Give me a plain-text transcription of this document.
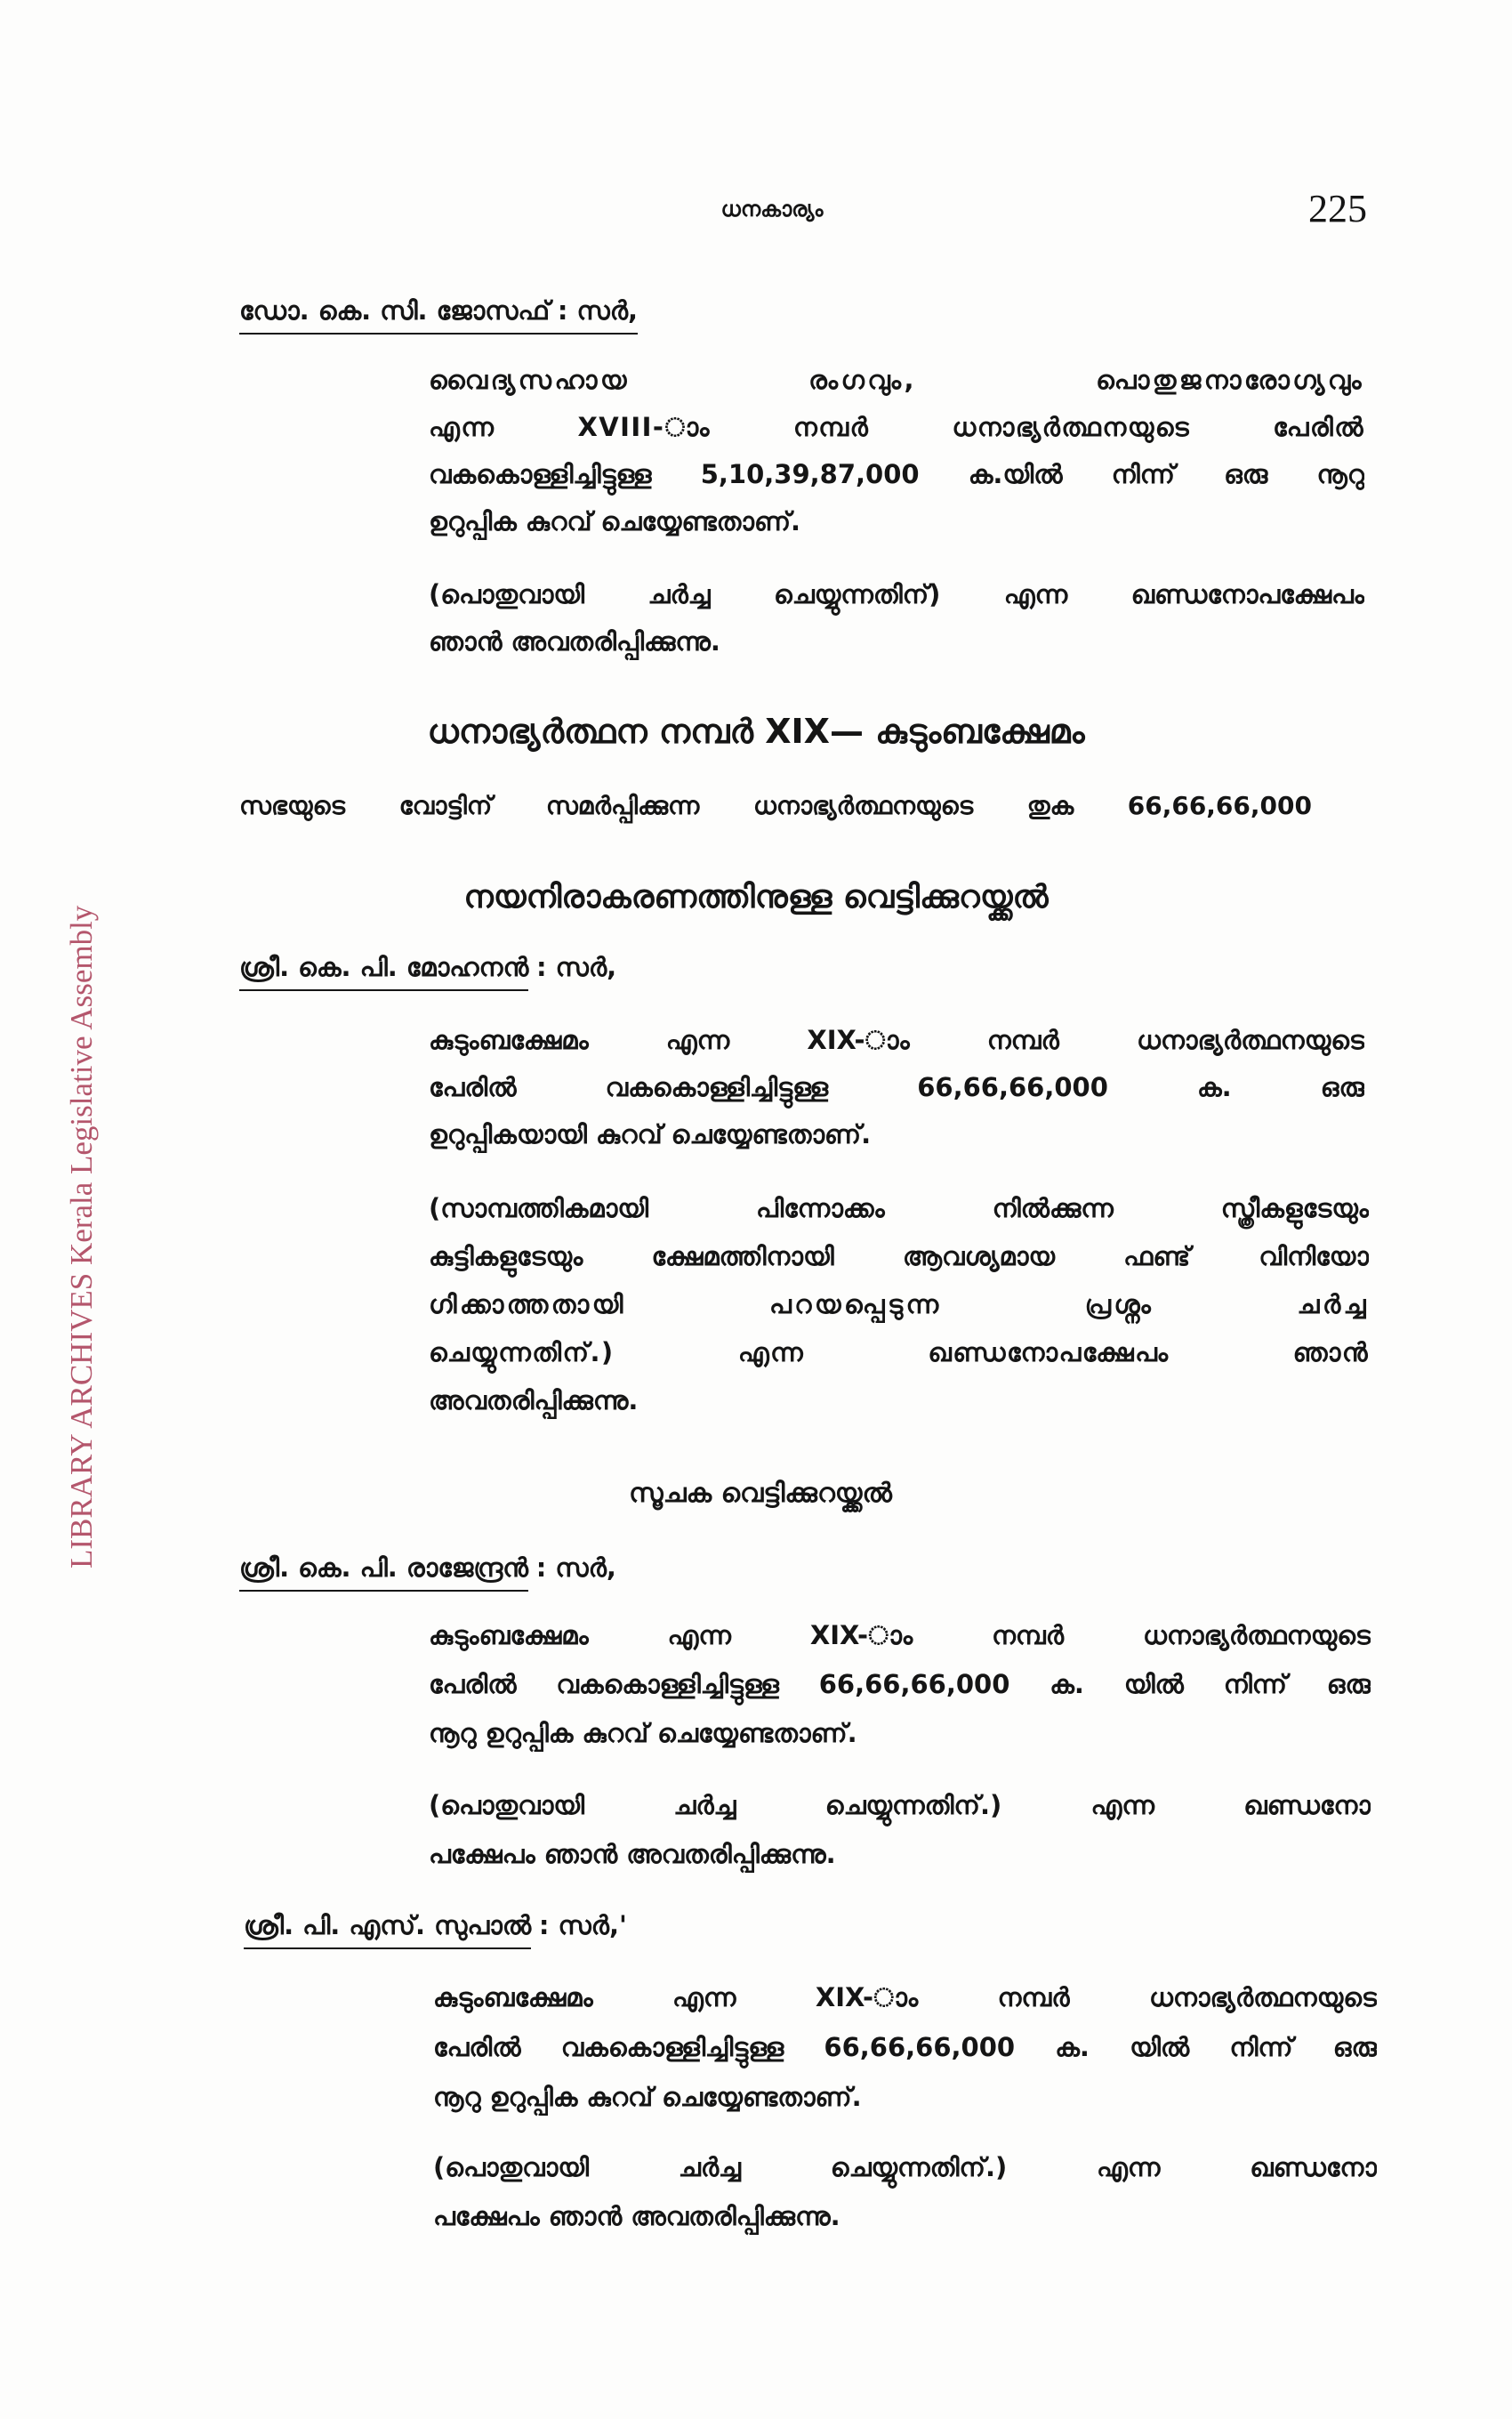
LIBRARY ARCHIVES Kerala Legislative Assembly
ധനകാര്യം	225
ഡോ. കെ. സി. ജോസഫ് : സർ,
വൈദ്യസഹായ രംഗവും, പൊതുജനാരോഗ്യവും
എന്ന XVIII-ാം നമ്പർ ധനാഭ്യർത്ഥനയുടെ പേരിൽ
വകകൊള്ളിച്ചിട്ടുള്ള 5,10,39,87,000 ക.യിൽ നിന്ന് ഒരു നൂറു
ഉറുപ്പിക കുറവ് ചെയ്യേണ്ടതാണ്.
(പൊതുവായി ചർച്ച ചെയ്യുന്നതിന്) എന്ന ഖണ്ഡനോപക്ഷേപം
ഞാൻ അവതരിപ്പിക്കുന്നു.
ധനാഭ്യർത്ഥന നമ്പർ XIX— കുടുംബക്ഷേമം
സഭയുടെ വോട്ടിന് സമർപ്പിക്കുന്ന ധനാഭ്യർത്ഥനയുടെ തുക 66,66,66,000
നയനിരാകരണത്തിനുള്ള വെട്ടിക്കുറയ്ക്കൽ
ശ്രീ. കെ. പി. മോഹനൻ : സർ,
കുടുംബക്ഷേമം എന്ന XIX-ാം നമ്പർ ധനാഭ്യർത്ഥനയുടെ
പേരിൽ വകകൊള്ളിച്ചിട്ടുള്ള 66,66,66,000 ക. ഒരു
ഉറുപ്പികയായി കുറവ് ചെയ്യേണ്ടതാണ്.
(സാമ്പത്തികമായി പിന്നോക്കം നിൽക്കുന്ന സ്ത്രീകളുടേയും
കുട്ടികളുടേയും ക്ഷേമത്തിനായി ആവശ്യമായ ഫണ്ട് വിനിയോ
ഗിക്കാത്തതായി പറയപ്പെടുന്ന പ്രശ്നം ചർച്ച
ചെയ്യുന്നതിന്.) എന്ന ഖണ്ഡനോപക്ഷേപം ഞാൻ
അവതരിപ്പിക്കുന്നു.
സൂചക വെട്ടിക്കുറയ്ക്കൽ
ശ്രീ. കെ. പി. രാജേന്ദ്രൻ : സർ,
കുടുംബക്ഷേമം എന്ന XIX-ാം നമ്പർ ധനാഭ്യർത്ഥനയുടെ
പേരിൽ വകകൊള്ളിച്ചിട്ടുള്ള 66,66,66,000 ക. യിൽ നിന്ന് ഒരു
നൂറു ഉറുപ്പിക കുറവ് ചെയ്യേണ്ടതാണ്.
(പൊതുവായി ചർച്ച ചെയ്യുന്നതിന്.) എന്ന ഖണ്ഡനോ
പക്ഷേപം ഞാൻ അവതരിപ്പിക്കുന്നു.
ശ്രീ. പി. എസ്. സുപാൽ : സർ,'
കുടുംബക്ഷേമം എന്ന XIX-ാം നമ്പർ ധനാഭ്യർത്ഥനയുടെ
പേരിൽ വകകൊള്ളിച്ചിട്ടുള്ള 66,66,66,000 ക. യിൽ നിന്ന് ഒരു
നൂറു ഉറുപ്പിക കുറവ് ചെയ്യേണ്ടതാണ്.
(പൊതുവായി ചർച്ച ചെയ്യുന്നതിന്.) എന്ന ഖണ്ഡനോ
പക്ഷേപം ഞാൻ അവതരിപ്പിക്കുന്നു.
